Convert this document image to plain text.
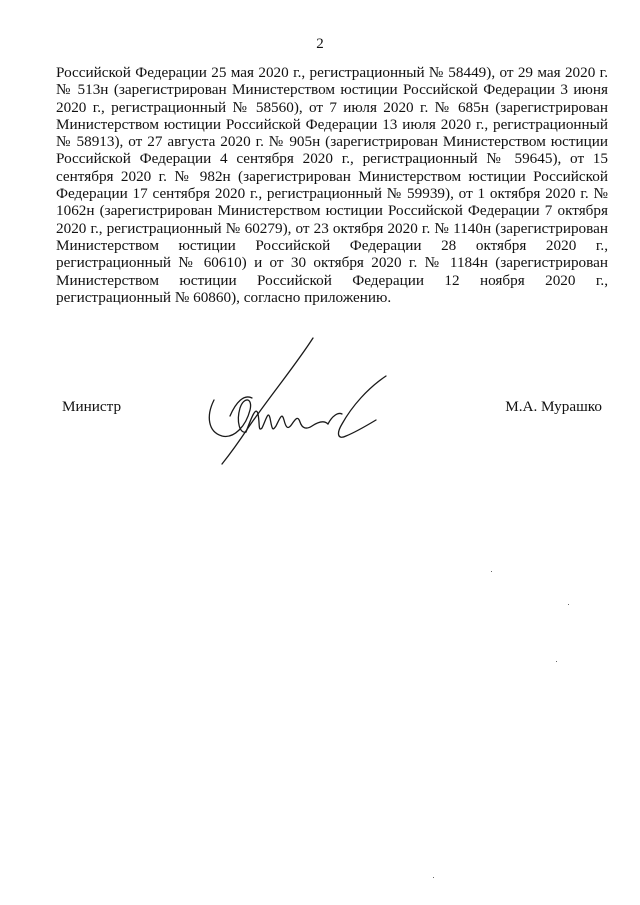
2

Российской Федерации 25 мая 2020 г., регистрационный № 58449), от 29 мая 2020 г. № 513н (зарегистрирован Министерством юстиции Российской Федерации 3 июня 2020 г., регистрационный № 58560), от 7 июля 2020 г. № 685н (зарегистрирован Министерством юстиции Российской Федерации 13 июля 2020 г., регистрационный № 58913), от 27 августа 2020 г. № 905н (зарегистрирован Министерством юстиции Российской Федерации 4 сентября 2020 г., регистрационный № 59645), от 15 сентября 2020 г. № 982н (зарегистрирован Министерством юстиции Российской Федерации 17 сентября 2020 г., регистрационный № 59939), от 1 октября 2020 г. № 1062н (зарегистрирован Министерством юстиции Российской Федерации 7 октября 2020 г., регистрационный № 60279), от 23 октября 2020 г. № 1140н (зарегистрирован Министерством юстиции Российской Федерации 28 октября 2020 г., регистрационный № 60610) и от 30 октября 2020 г. № 1184н (зарегистрирован Министерством юстиции Российской Федерации 12 ноября 2020 г., регистрационный № 60860), согласно приложению.

Министр	М.А. Мурашко
